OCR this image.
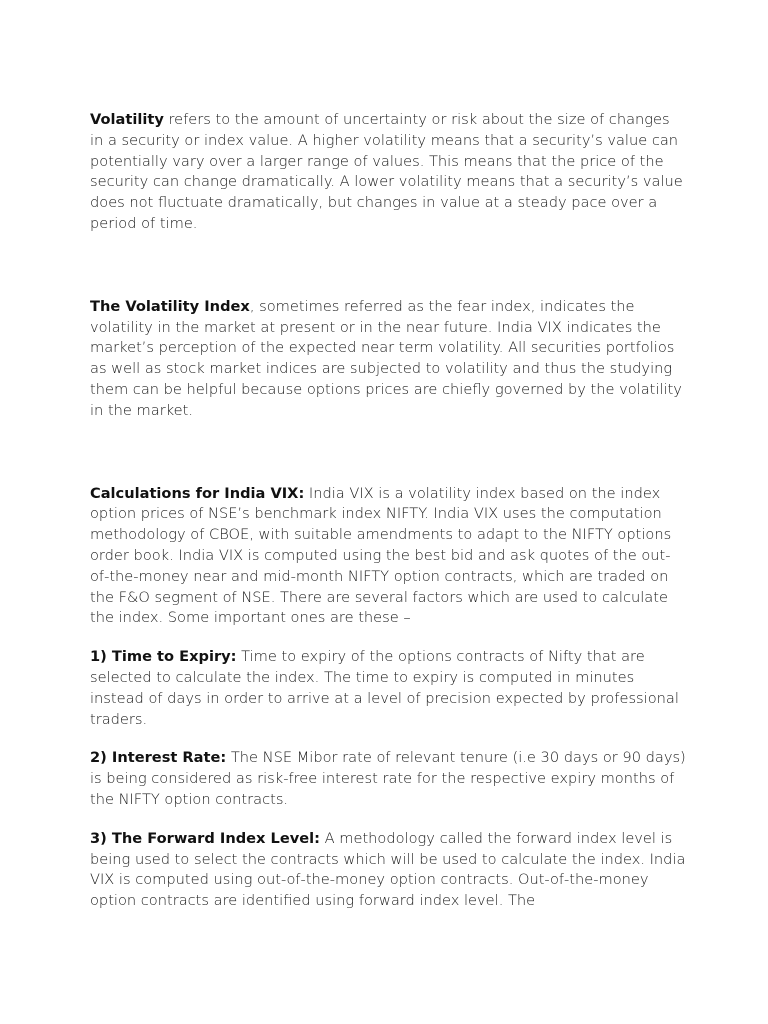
Volatility refers to the amount of uncertainty or risk about the size of changes in a security or index value. A higher volatility means that a security’s value can potentially vary over a larger range of values. This means that the price of the security can change dramatically. A lower volatility means that a security’s value does not fluctuate dramatically, but changes in value at a steady pace over a period of time.

The Volatility Index, sometimes referred as the fear index, indicates the volatility in the market at present or in the near future. India VIX indicates the market’s perception of the expected near term volatility. All securities portfolios as well as stock market indices are subjected to volatility and thus the studying them can be helpful because options prices are chiefly governed by the volatility in the market.

Calculations for India VIX: India VIX is a volatility index based on the index option prices of NSE’s benchmark index NIFTY. India VIX uses the computation methodology of CBOE, with suitable amendments to adapt to the NIFTY options order book. India VIX is computed using the best bid and ask quotes of the out-of-the-money near and mid-month NIFTY option contracts, which are traded on the F&O segment of NSE. There are several factors which are used to calculate the index. Some important ones are these –

1) Time to Expiry: Time to expiry of the options contracts of Nifty that are selected to calculate the index. The time to expiry is computed in minutes instead of days in order to arrive at a level of precision expected by professional traders.

2) Interest Rate: The NSE Mibor rate of relevant tenure (i.e 30 days or 90 days) is being considered as risk-free interest rate for the respective expiry months of the NIFTY option contracts.

3) The Forward Index Level: A methodology called the forward index level is being used to select the contracts which will be used to calculate the index. India VIX is computed using out-of-the-money option contracts. Out-of-the-money option contracts are identified using forward index level. The
